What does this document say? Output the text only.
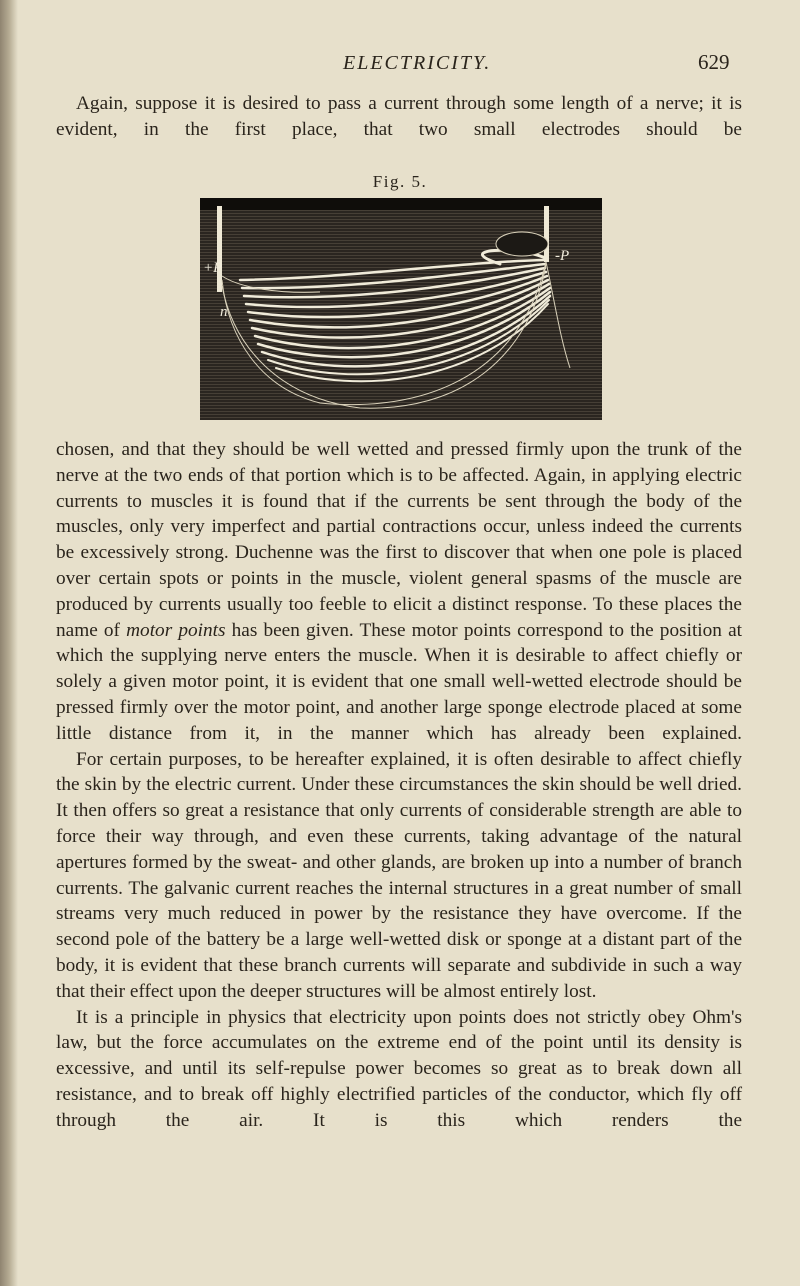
ELECTRICITY.	629

Again, suppose it is desired to pass a current through some length of a nerve; it is evident, in the first place, that two small electrodes should be

Fig. 5.
+P
n
-P

chosen, and that they should be well wetted and pressed firmly upon the trunk of the nerve at the two ends of that portion which is to be affected. Again, in applying electric currents to muscles it is found that if the currents be sent through the body of the muscles, only very imperfect and partial contractions occur, unless indeed the currents be excessively strong. Duchenne was the first to discover that when one pole is placed over certain spots or points in the muscle, violent general spasms of the muscle are produced by currents usually too feeble to elicit a distinct response. To these places the name of motor points has been given. These motor points correspond to the position at which the supplying nerve enters the muscle. When it is desirable to affect chiefly or solely a given motor point, it is evident that one small well-wetted electrode should be pressed firmly over the motor point, and another large sponge electrode placed at some little distance from it, in the manner which has already been explained.

For certain purposes, to be hereafter explained, it is often desirable to affect chiefly the skin by the electric current. Under these circumstances the skin should be well dried. It then offers so great a resistance that only currents of considerable strength are able to force their way through, and even these currents, taking advantage of the natural apertures formed by the sweat- and other glands, are broken up into a number of branch currents. The galvanic current reaches the internal structures in a great number of small streams very much reduced in power by the resistance they have overcome. If the second pole of the battery be a large well-wetted disk or sponge at a distant part of the body, it is evident that these branch currents will separate and subdivide in such a way that their effect upon the deeper structures will be almost entirely lost.

It is a principle in physics that electricity upon points does not strictly obey Ohm's law, but the force accumulates on the extreme end of the point until its density is excessive, and until its self-repulse power becomes so great as to break down all resistance, and to break off highly electrified particles of the conductor, which fly off through the air. It is this which renders the
